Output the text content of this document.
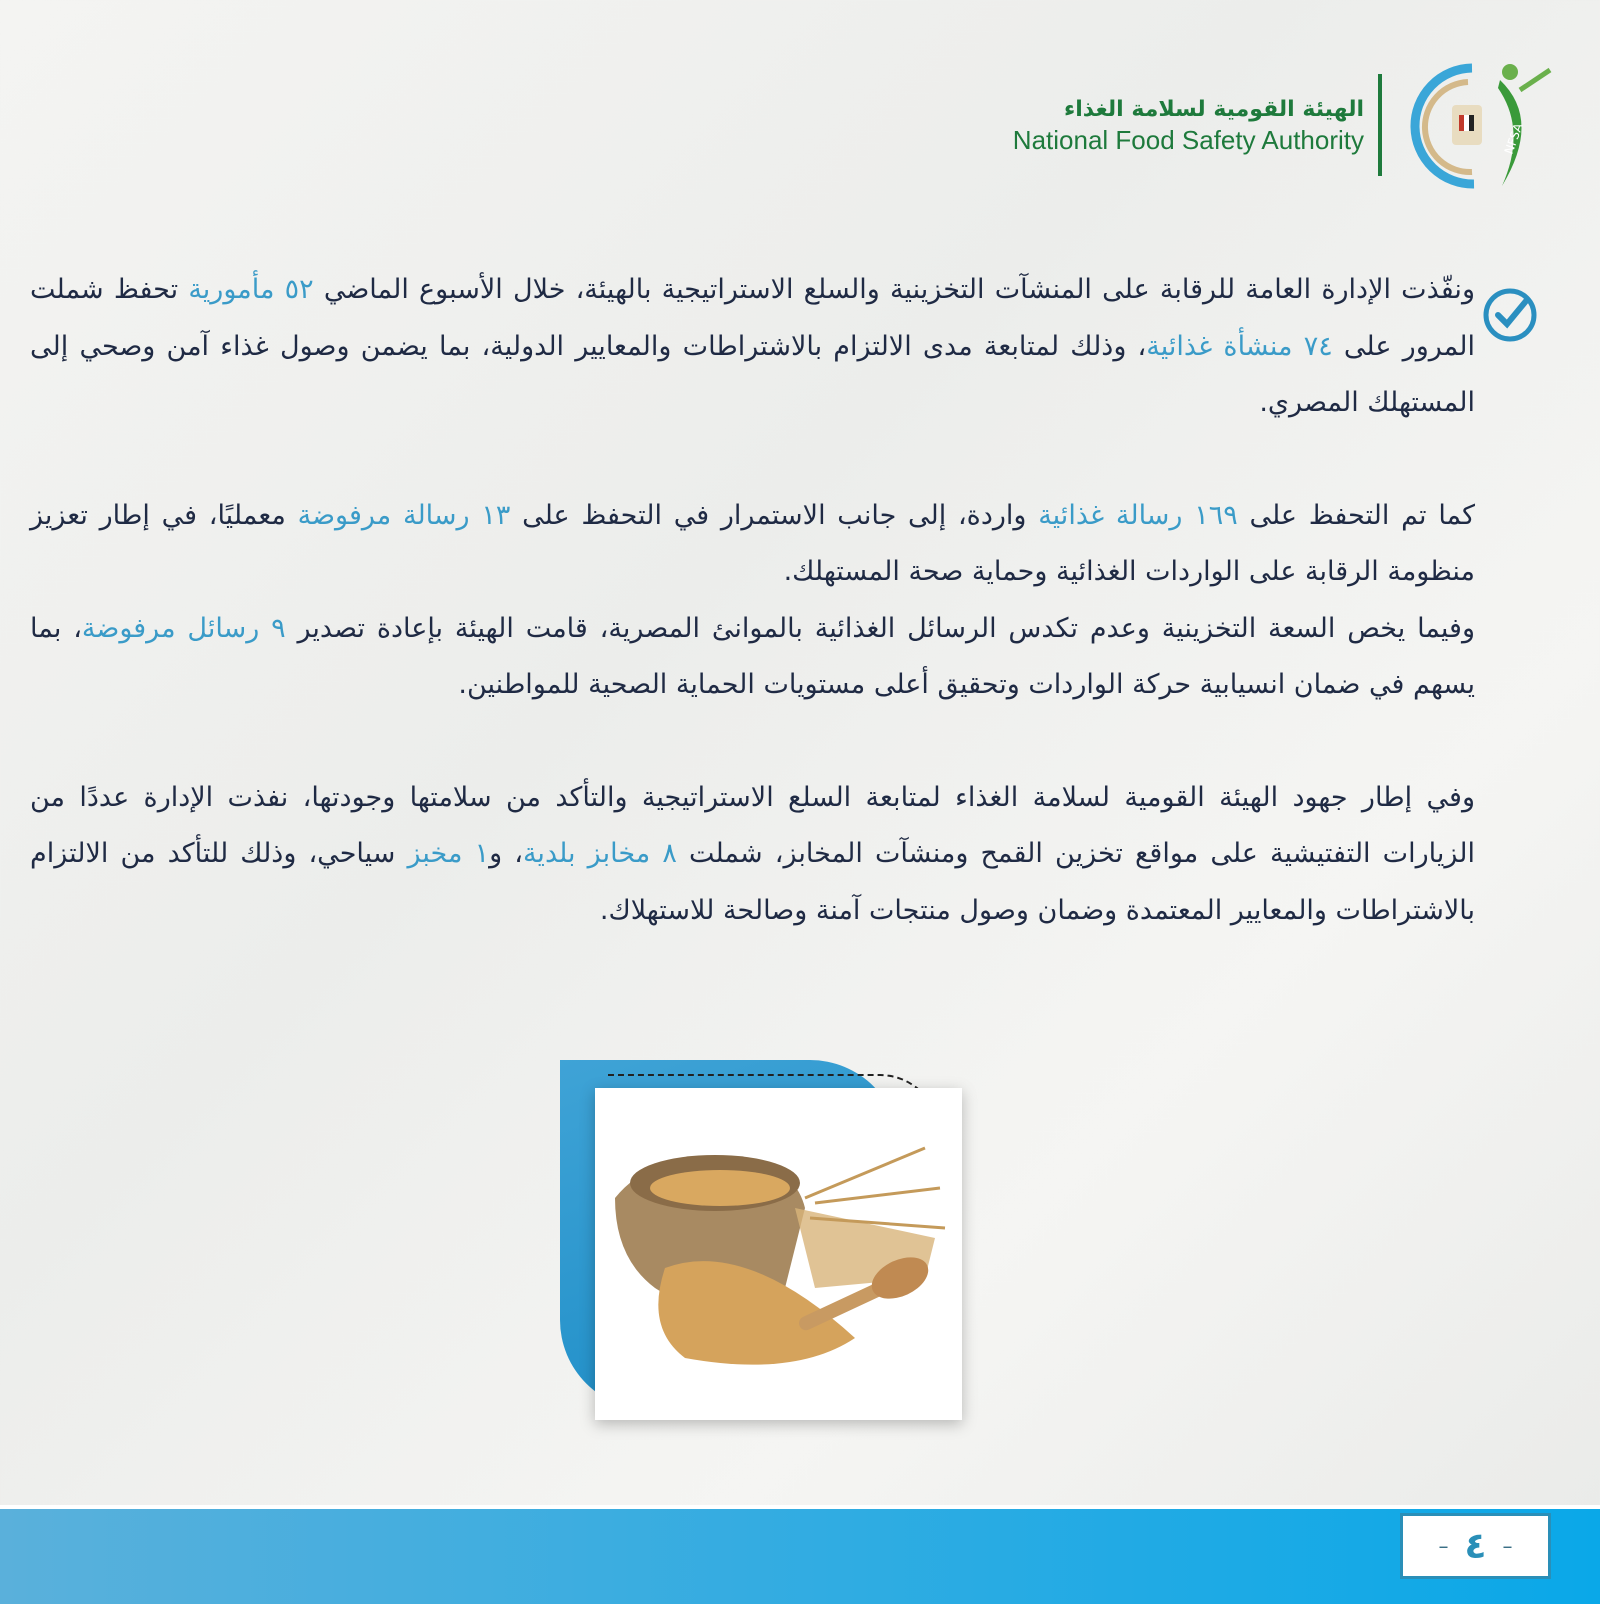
الهيئة القومية لسلامة الغذاء
National Food Safety Authority	NFSA

ونفّذت الإدارة العامة للرقابة على المنشآت التخزينية والسلع الاستراتيجية بالهيئة، خلال الأسبوع الماضي ٥٢ مأمورية تحفظ شملت المرور على ٧٤ منشأة غذائية، وذلك لمتابعة مدى الالتزام بالاشتراطات والمعايير الدولية، بما يضمن وصول غذاء آمن وصحي إلى المستهلك المصري.

كما تم التحفظ على ١٦٩ رسالة غذائية واردة، إلى جانب الاستمرار في التحفظ على ١٣ رسالة مرفوضة معمليًا، في إطار تعزيز منظومة الرقابة على الواردات الغذائية وحماية صحة المستهلك.

وفيما يخص السعة التخزينية وعدم تكدس الرسائل الغذائية بالموانئ المصرية، قامت الهيئة بإعادة تصدير ٩ رسائل مرفوضة، بما يسهم في ضمان انسيابية حركة الواردات وتحقيق أعلى مستويات الحماية الصحية للمواطنين.

وفي إطار جهود الهيئة القومية لسلامة الغذاء لمتابعة السلع الاستراتيجية والتأكد من سلامتها وجودتها، نفذت الإدارة عددًا من الزيارات التفتيشية على مواقع تخزين القمح ومنشآت المخابز، شملت ٨ مخابز بلدية، و١ مخبز سياحي، وذلك للتأكد من الالتزام بالاشتراطات والمعايير المعتمدة وضمان وصول منتجات آمنة وصالحة للاستهلاك.

– ٤ –
